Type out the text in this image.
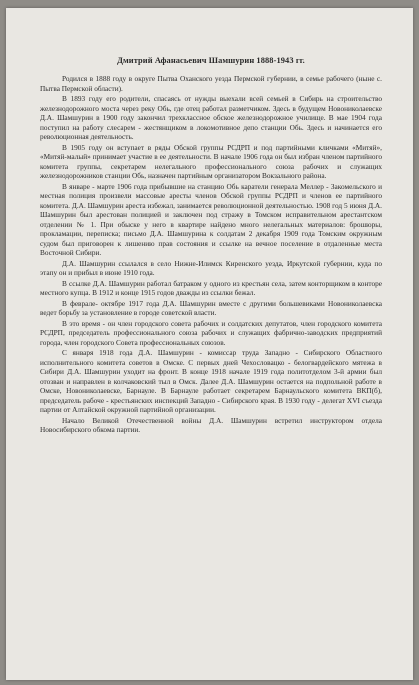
Дмитрий Афанасьевич Шамшурин 1888-1943 гг.

Родился в 1888 году в округе Пытва Оханского уезда Пермской губернии, в семье рабочего (ныне с. Пытва Пермской области).

В 1893 году его родители, спасаясь от нужды выехали всей семьей в Сибирь на строительство железнодорожного моста через реку Обь, где отец работал разметчиком. Здесь в будущем Новониколаевске Д.А. Шамшурин в 1900 году закончил трехклассное обское железнодорожное училище. В мае 1904 года поступил на работу слесарем - жестянщиком в локомотивное депо станции Обь. Здесь и начинается его революционная деятельность.

В 1905 году он вступает в ряды Обской группы РСДРП и под партийными кличками «Митяй», «Митяй-малый» принимает участие в ее деятельности. В начале 1906 года он был избран членом партийного комитета группы, секретарем нелегального профессионального союза рабочих и служащих железнодорожников станции Обь, назначен партийным организатором Вокзального района.

В январе - марте 1906 года прибывшие на станцию Обь каратели генерала Меллер - Закомельского и местная полиция произвели массовые аресты членов Обской группы РСДРП и членов ее партийного комитета. Д.А. Шамшурин ареста избежал, занимается революционной деятельностью. 1908 год 5 июня Д.А. Шамшурин был арестован полицией и заключен под стражу в Томском исправительном арестантском отделении № 1. При обыске у него в квартире найдено много нелегальных материалов: брошюры, прокламации, переписка; письмо Д.А. Шамшурина к солдатам 2 декабря 1909 года Томским окружным судом был приговорен к лишению прав состояния и ссылке на вечное поселение в отдаленные места Восточной Сибири.

Д.А. Шамшурин ссылался в село Нижне-Илимск Киренского уезда, Иркутской губернии, куда по этапу он и прибыл в июне 1910 года.

В ссылке Д.А. Шамшурин работал батраком у одного из крестьян села, затем конторщиком в конторе местного купца. В 1912 и конце 1915 годов дважды из ссылки бежал.

В феврале- октябре 1917 года Д.А. Шамшурин вместе с другими большевиками Новониколаевска ведет борьбу за установление в городе советской власти.

В это время - он член городского совета рабочих и солдатских депутатов, член городского комитета РСДРП, председатель профессионального союза рабочих и служащих фабрично-заводских предприятий города, член городского Совета профессиональных союзов.

С января 1918 года Д.А. Шамшурин - комиссар труда Западно - Сибирского Областного исполнительного комитета советов в Омске. С первых дней Чехословацко - белогвардейского мятежа в Сибири Д.А. Шамшурин уходит на фронт. В конце 1918 начале 1919 года политотделом 3-й армии был отозван и направлен в колчаковский тыл в Омск. Далее Д.А. Шамшурин остается на подпольной работе в Омске, Новониколаевске, Барнауле. В Барнауле работает секретарем Барнаульского комитета ВКП(б), председатель рабоче - крестьянских инспекций Западно - Сибирского края. В 1930 году - делегат XVI съезда партии от Алтайской окружной партийной организации.

Начало Великой Отечественной войны Д.А. Шамшурин встретил инструктором отдела Новосибирского обкома партии.
